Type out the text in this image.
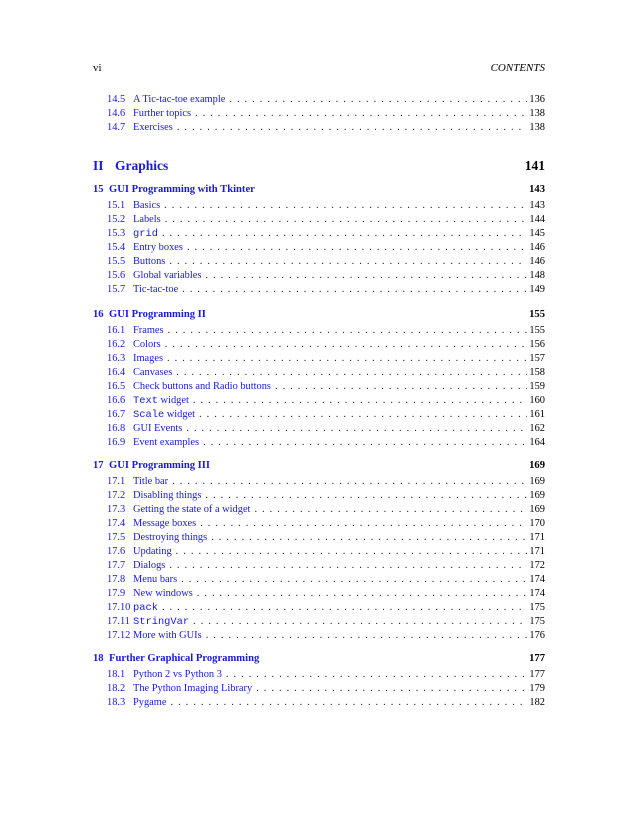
vi	CONTENTS
14.5 A Tic-tac-toe example . . .	136
14.6 Further topics . . .	138
14.7 Exercises . . .	138
II Graphics	141
15 GUI Programming with Tkinter	143
15.1 Basics . . .	143
15.2 Labels . . .	144
15.3 grid . . .	145
15.4 Entry boxes . . .	146
15.5 Buttons . . .	146
15.6 Global variables . . .	148
15.7 Tic-tac-toe . . .	149
16 GUI Programming II	155
16.1 Frames . . .	155
16.2 Colors . . .	156
16.3 Images . . .	157
16.4 Canvases . . .	158
16.5 Check buttons and Radio buttons . . .	159
16.6 Text widget . . .	160
16.7 Scale widget . . .	161
16.8 GUI Events . . .	162
16.9 Event examples . . .	164
17 GUI Programming III	169
17.1 Title bar . . .	169
17.2 Disabling things . . .	169
17.3 Getting the state of a widget . . .	169
17.4 Message boxes . . .	170
17.5 Destroying things . . .	171
17.6 Updating . . .	171
17.7 Dialogs . . .	172
17.8 Menu bars . . .	174
17.9 New windows . . .	174
17.10 pack . . .	175
17.11 StringVar . . .	175
17.12 More with GUIs . . .	176
18 Further Graphical Programming	177
18.1 Python 2 vs Python 3 . . .	177
18.2 The Python Imaging Library . . .	179
18.3 Pygame . . .	182
